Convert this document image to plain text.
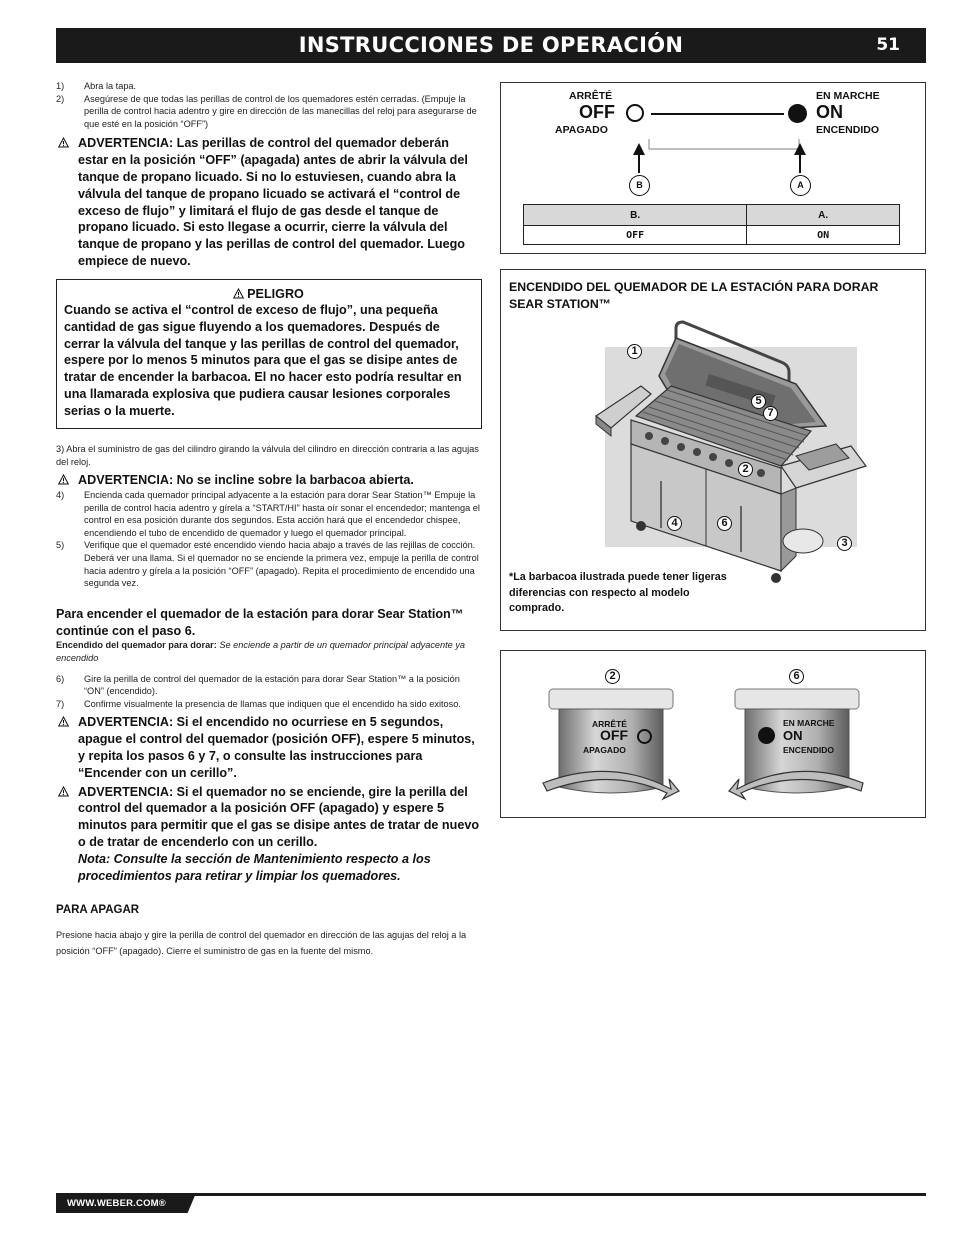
INSTRUCCIONES DE OPERACIÓN	51
1) Abra la tapa.
2) Asegúrese de que todas las perillas de control de los quemadores estén cerradas. (Empuje la perilla de control hacia adentro y gire en dirección de las manecillas del reloj para asegurarse de que esté en la posición “OFF”)
ADVERTENCIA: Las perillas de control del quemador deberán estar en la posición “OFF” (apagada) antes de abrir la válvula del tanque de propano licuado. Si no lo estuviesen, cuando abra la válvula del tanque de propano licuado se activará el “control de exceso de flujo” y limitará el flujo de gas desde el tanque de propano licuado. Si esto llegase a ocurrir, cierre la válvula del tanque de propano y las perillas de control del quemador. Luego empiece de nuevo.
PELIGRO
Cuando se activa el “control de exceso de flujo”, una pequeña cantidad de gas sigue fluyendo a los quemadores. Después de cerrar la válvula del tanque y las perillas de control del quemador, espere por lo menos 5 minutos para que el gas se disipe antes de tratar de encender la barbacoa. El no hacer esto podría resultar en una llamarada explosiva que pudiera causar lesiones corporales serias o la muerte.
3) Abra el suministro de gas del cilindro girando la válvula del cilindro en dirección contraria a las agujas del reloj.
ADVERTENCIA: No se incline sobre la barbacoa abierta.
4) Encienda cada quemador principal adyacente a la estación para dorar Sear Station™ Empuje la perilla de control hacia adentro y gírela a “START/HI” hasta oír sonar el encendedor; mantenga el control en esa posición durante dos segundos. Esta acción hará que el encendedor chispee, encendiendo el tubo de encendido de quemador y luego el quemador principal.
5) Verifique que el quemador esté encendido viendo hacia abajo a través de las rejillas de cocción. Deberá ver una llama. Si el quemador no se enciende la primera vez, empuje la perilla de control hacia adentro y gírela a la posición “OFF” (apagado). Repita el procedimiento de encendido una segunda vez.
Para encender el quemador de la estación para dorar Sear Station™ continúe con el paso 6.
Encendido del quemador para dorar: Se enciende a partir de un quemador principal adyacente ya encendido
6) Gire la perilla de control del quemador de la estación para dorar Sear Station™ a la posición “ON” (encendido).
7) Confirme visualmente la presencia de llamas que indiquen que el encendido ha sido exitoso.
ADVERTENCIA: Si el encendido no ocurriese en 5 segundos, apague el control del quemador (posición OFF), espere 5 minutos, y repita los pasos 6 y 7, o consulte las instrucciones para “Encender con un cerillo”.
ADVERTENCIA: Si el quemador no se enciende, gire la perilla del control del quemador a la posición OFF (apagado) y espere 5 minutos para permitir que el gas se disipe antes de tratar de nuevo o de tratar de encenderlo con un cerillo.
Nota: Consulte la sección de Mantenimiento respecto a los procedimientos para retirar y limpiar los quemadores.
PARA APAGAR
Presione hacia abajo y gire la perilla de control del quemador en dirección de las agujas del reloj a la posición “OFF” (apagado). Cierre el suministro de gas en la fuente del mismo.
ARRÊTÉ
OFF
APAGADO
EN MARCHE
ON
ENCENDIDO
B	A
B.	A.
OFF	ON
ENCENDIDO DEL QUEMADOR DE LA ESTACIÓN PARA DORAR SEAR STATION™
1
5
7
2
4	6
3
*La barbacoa ilustrada puede tener ligeras diferencias con respecto al modelo comprado.
2
ARRÊTÉ
OFF
APAGADO
6
EN MARCHE
ON
ENCENDIDO
WWW.WEBER.COM®
